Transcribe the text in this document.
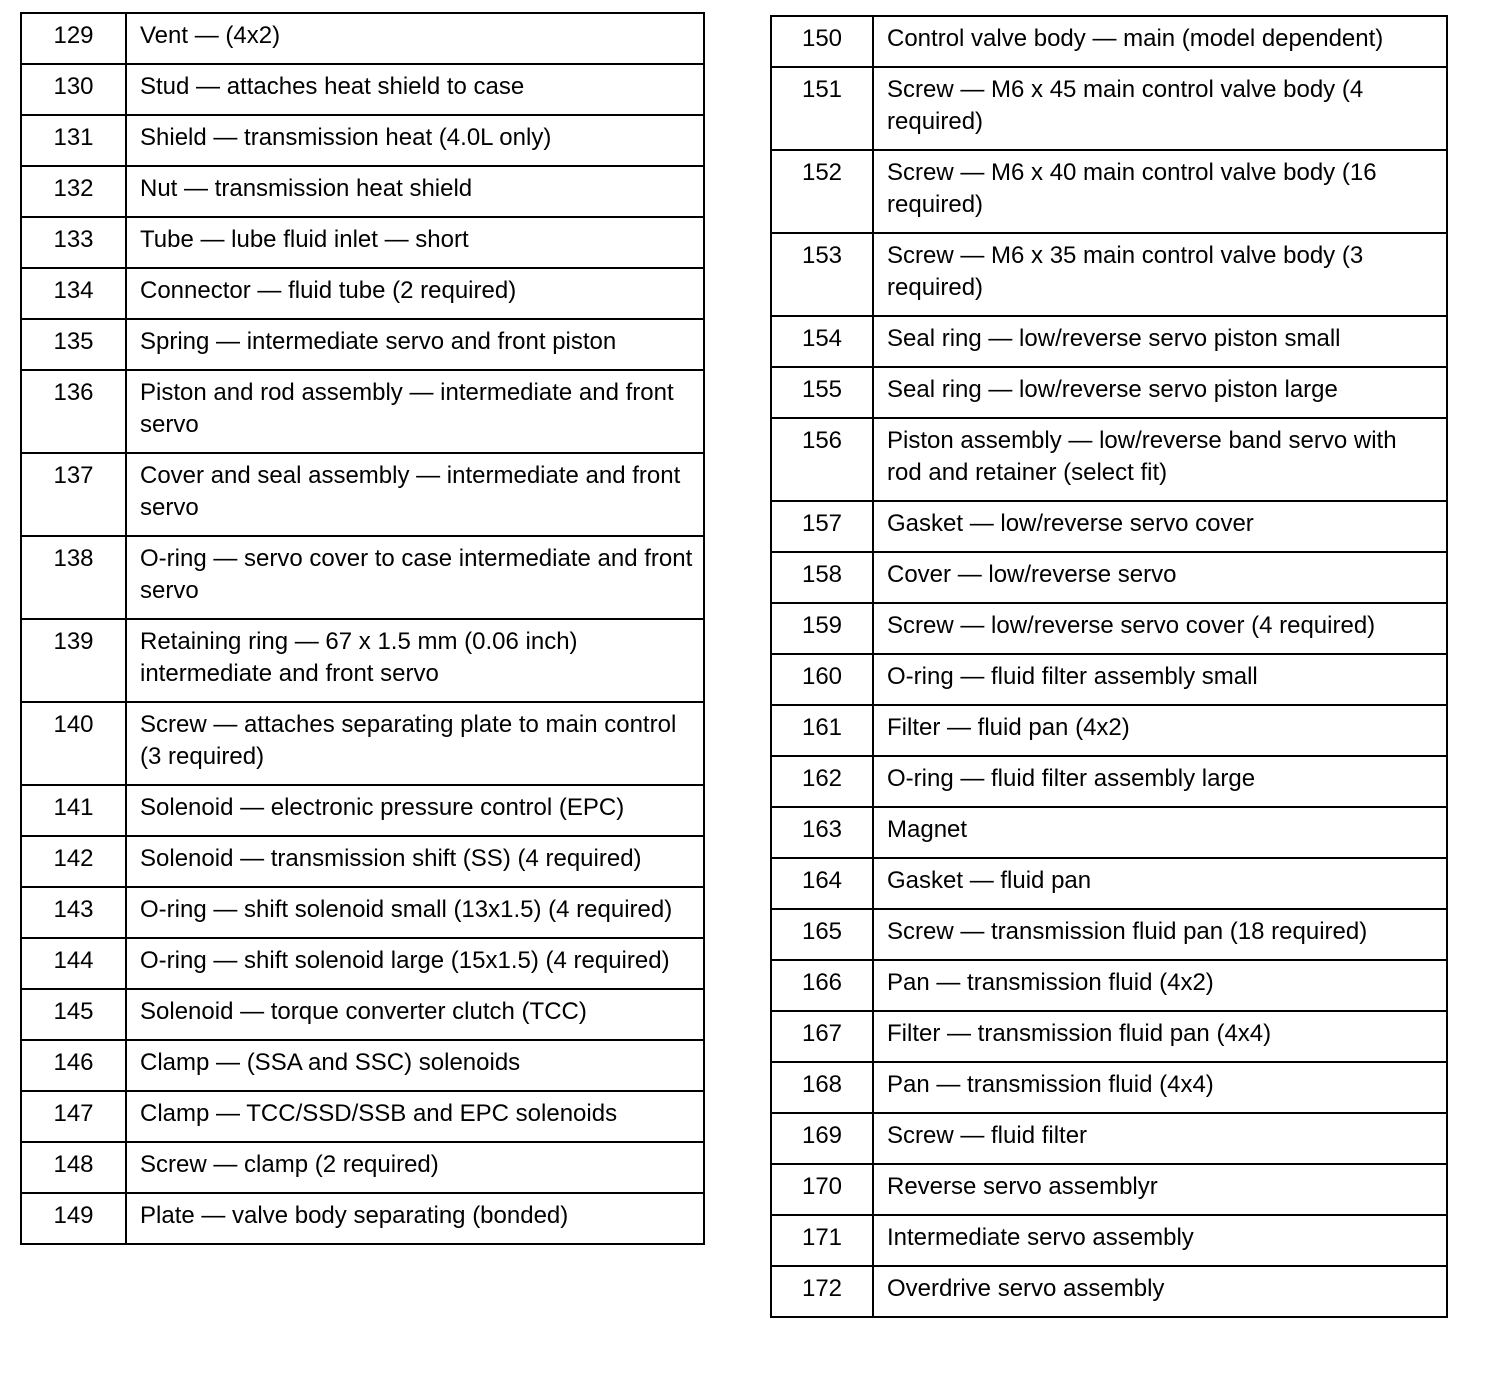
129	Vent — (4x2)
130	Stud — attaches heat shield to case
131	Shield — transmission heat (4.0L only)
132	Nut — transmission heat shield
133	Tube — lube fluid inlet — short
134	Connector — fluid tube (2 required)
135	Spring — intermediate servo and front piston
136	Piston and rod assembly — intermediate and front servo
137	Cover and seal assembly — intermediate and front servo
138	O-ring — servo cover to case intermediate and front servo
139	Retaining ring — 67 x 1.5 mm (0.06 inch) intermediate and front servo
140	Screw — attaches separating plate to main control (3 required)
141	Solenoid — electronic pressure control (EPC)
142	Solenoid — transmission shift (SS) (4 required)
143	O-ring — shift solenoid small (13x1.5) (4 required)
144	O-ring — shift solenoid large (15x1.5) (4 required)
145	Solenoid — torque converter clutch (TCC)
146	Clamp — (SSA and SSC) solenoids
147	Clamp — TCC/SSD/SSB and EPC solenoids
148	Screw — clamp (2 required)
149	Plate — valve body separating (bonded)
150	Control valve body — main (model dependent)
151	Screw — M6 x 45 main control valve body (4 required)
152	Screw — M6 x 40 main control valve body (16 required)
153	Screw — M6 x 35 main control valve body (3 required)
154	Seal ring — low/reverse servo piston small
155	Seal ring — low/reverse servo piston large
156	Piston assembly — low/reverse band servo with rod and retainer (select fit)
157	Gasket — low/reverse servo cover
158	Cover — low/reverse servo
159	Screw — low/reverse servo cover (4 required)
160	O-ring — fluid filter assembly small
161	Filter — fluid pan (4x2)
162	O-ring — fluid filter assembly large
163	Magnet
164	Gasket — fluid pan
165	Screw — transmission fluid pan (18 required)
166	Pan — transmission fluid (4x2)
167	Filter — transmission fluid pan (4x4)
168	Pan — transmission fluid (4x4)
169	Screw — fluid filter
170	Reverse servo assemblyr
171	Intermediate servo assembly
172	Overdrive servo assembly
